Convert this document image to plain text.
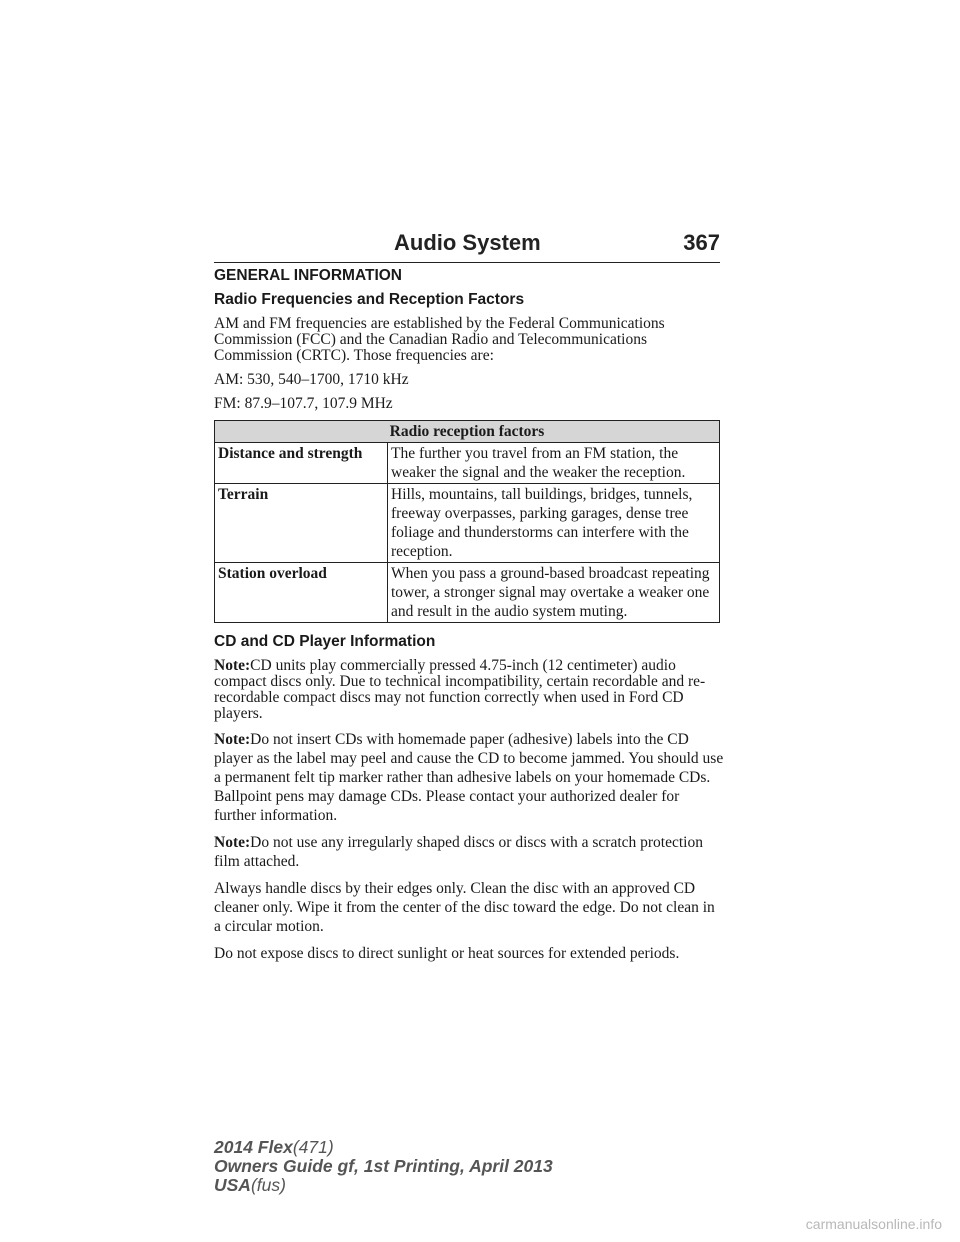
Audio System	367
GENERAL INFORMATION
Radio Frequencies and Reception Factors
AM and FM frequencies are established by the Federal Communications Commission (FCC) and the Canadian Radio and Telecommunications Commission (CRTC). Those frequencies are:
AM: 530, 540–1700, 1710 kHz
FM: 87.9–107.7, 107.9 MHz
Radio reception factors	
Distance and strength	The further you travel from an FM station, the weaker the signal and the weaker the reception.
Terrain	Hills, mountains, tall buildings, bridges, tunnels, freeway overpasses, parking garages, dense tree foliage and thunderstorms can interfere with the reception.
Station overload	When you pass a ground-based broadcast repeating tower, a stronger signal may overtake a weaker one and result in the audio system muting.
CD and CD Player Information
Note:CD units play commercially pressed 4.75-inch (12 centimeter) audio compact discs only. Due to technical incompatibility, certain recordable and re-recordable compact discs may not function correctly when used in Ford CD players.
Note:Do not insert CDs with homemade paper (adhesive) labels into the CD player as the label may peel and cause the CD to become jammed. You should use a permanent felt tip marker rather than adhesive labels on your homemade CDs. Ballpoint pens may damage CDs. Please contact your authorized dealer for further information.
Note:Do not use any irregularly shaped discs or discs with a scratch protection film attached.
Always handle discs by their edges only. Clean the disc with an approved CD cleaner only. Wipe it from the center of the disc toward the edge. Do not clean in a circular motion.
Do not expose discs to direct sunlight or heat sources for extended periods.
2014 Flex(471)
Owners Guide gf, 1st Printing, April 2013
USA(fus)
carmanualsonline.info
